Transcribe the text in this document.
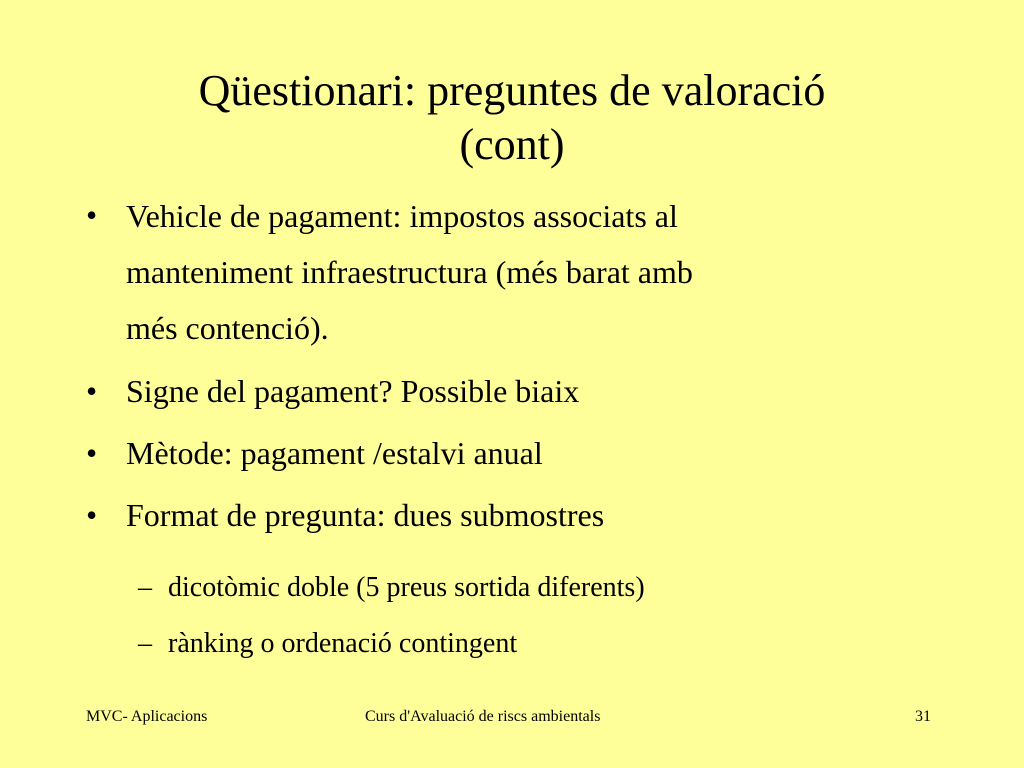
Qüestionari: preguntes de valoració
(cont)
• Vehicle de pagament: impostos associats al
manteniment infraestructura (més barat amb
més contenció).
• Signe del pagament? Possible biaix
• Mètode: pagament /estalvi anual
• Format de pregunta: dues submostres
– dicotòmic doble (5 preus sortida diferents)
– rànking o ordenació contingent
MVC- Aplicacions	Curs d'Avaluació de riscs ambientals	31
